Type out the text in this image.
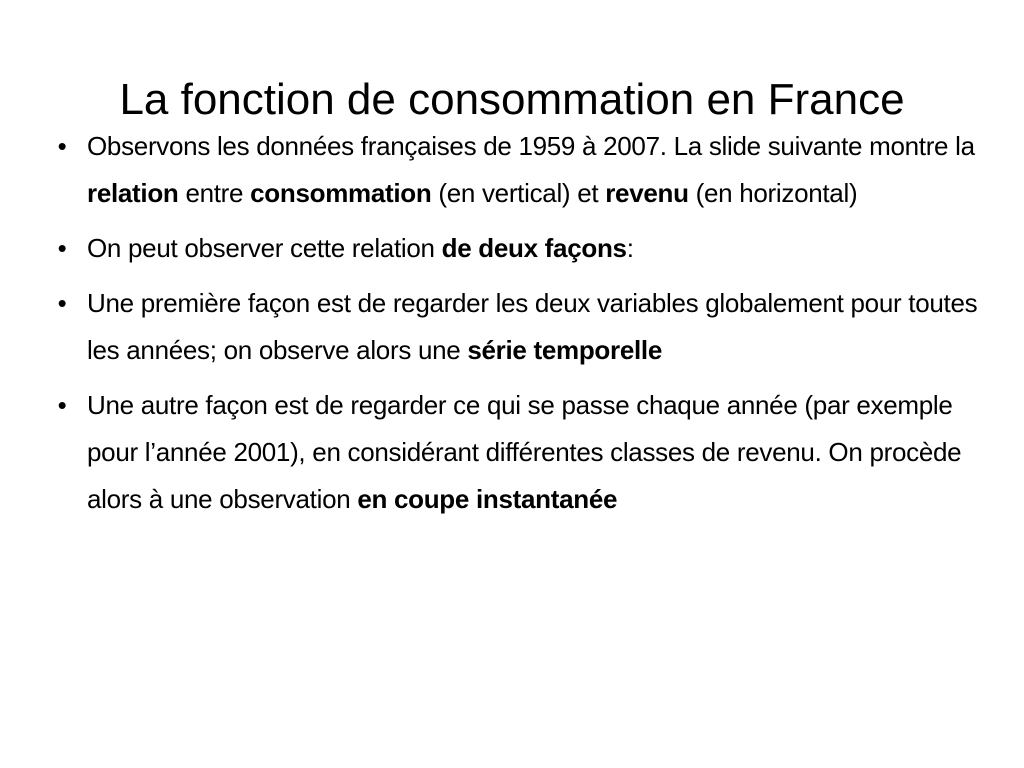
La fonction de consommation en France
• Observons les données françaises de 1959 à 2007. La slide suivante montre la relation entre consommation (en vertical) et revenu (en horizontal)
• On peut observer cette relation de deux façons:
• Une première façon est de regarder les deux variables globalement pour toutes les années; on observe alors une série temporelle
• Une autre façon est de regarder ce qui se passe chaque année (par exemple pour l’année 2001), en considérant différentes classes de revenu. On procède alors à une observation en coupe instantanée
